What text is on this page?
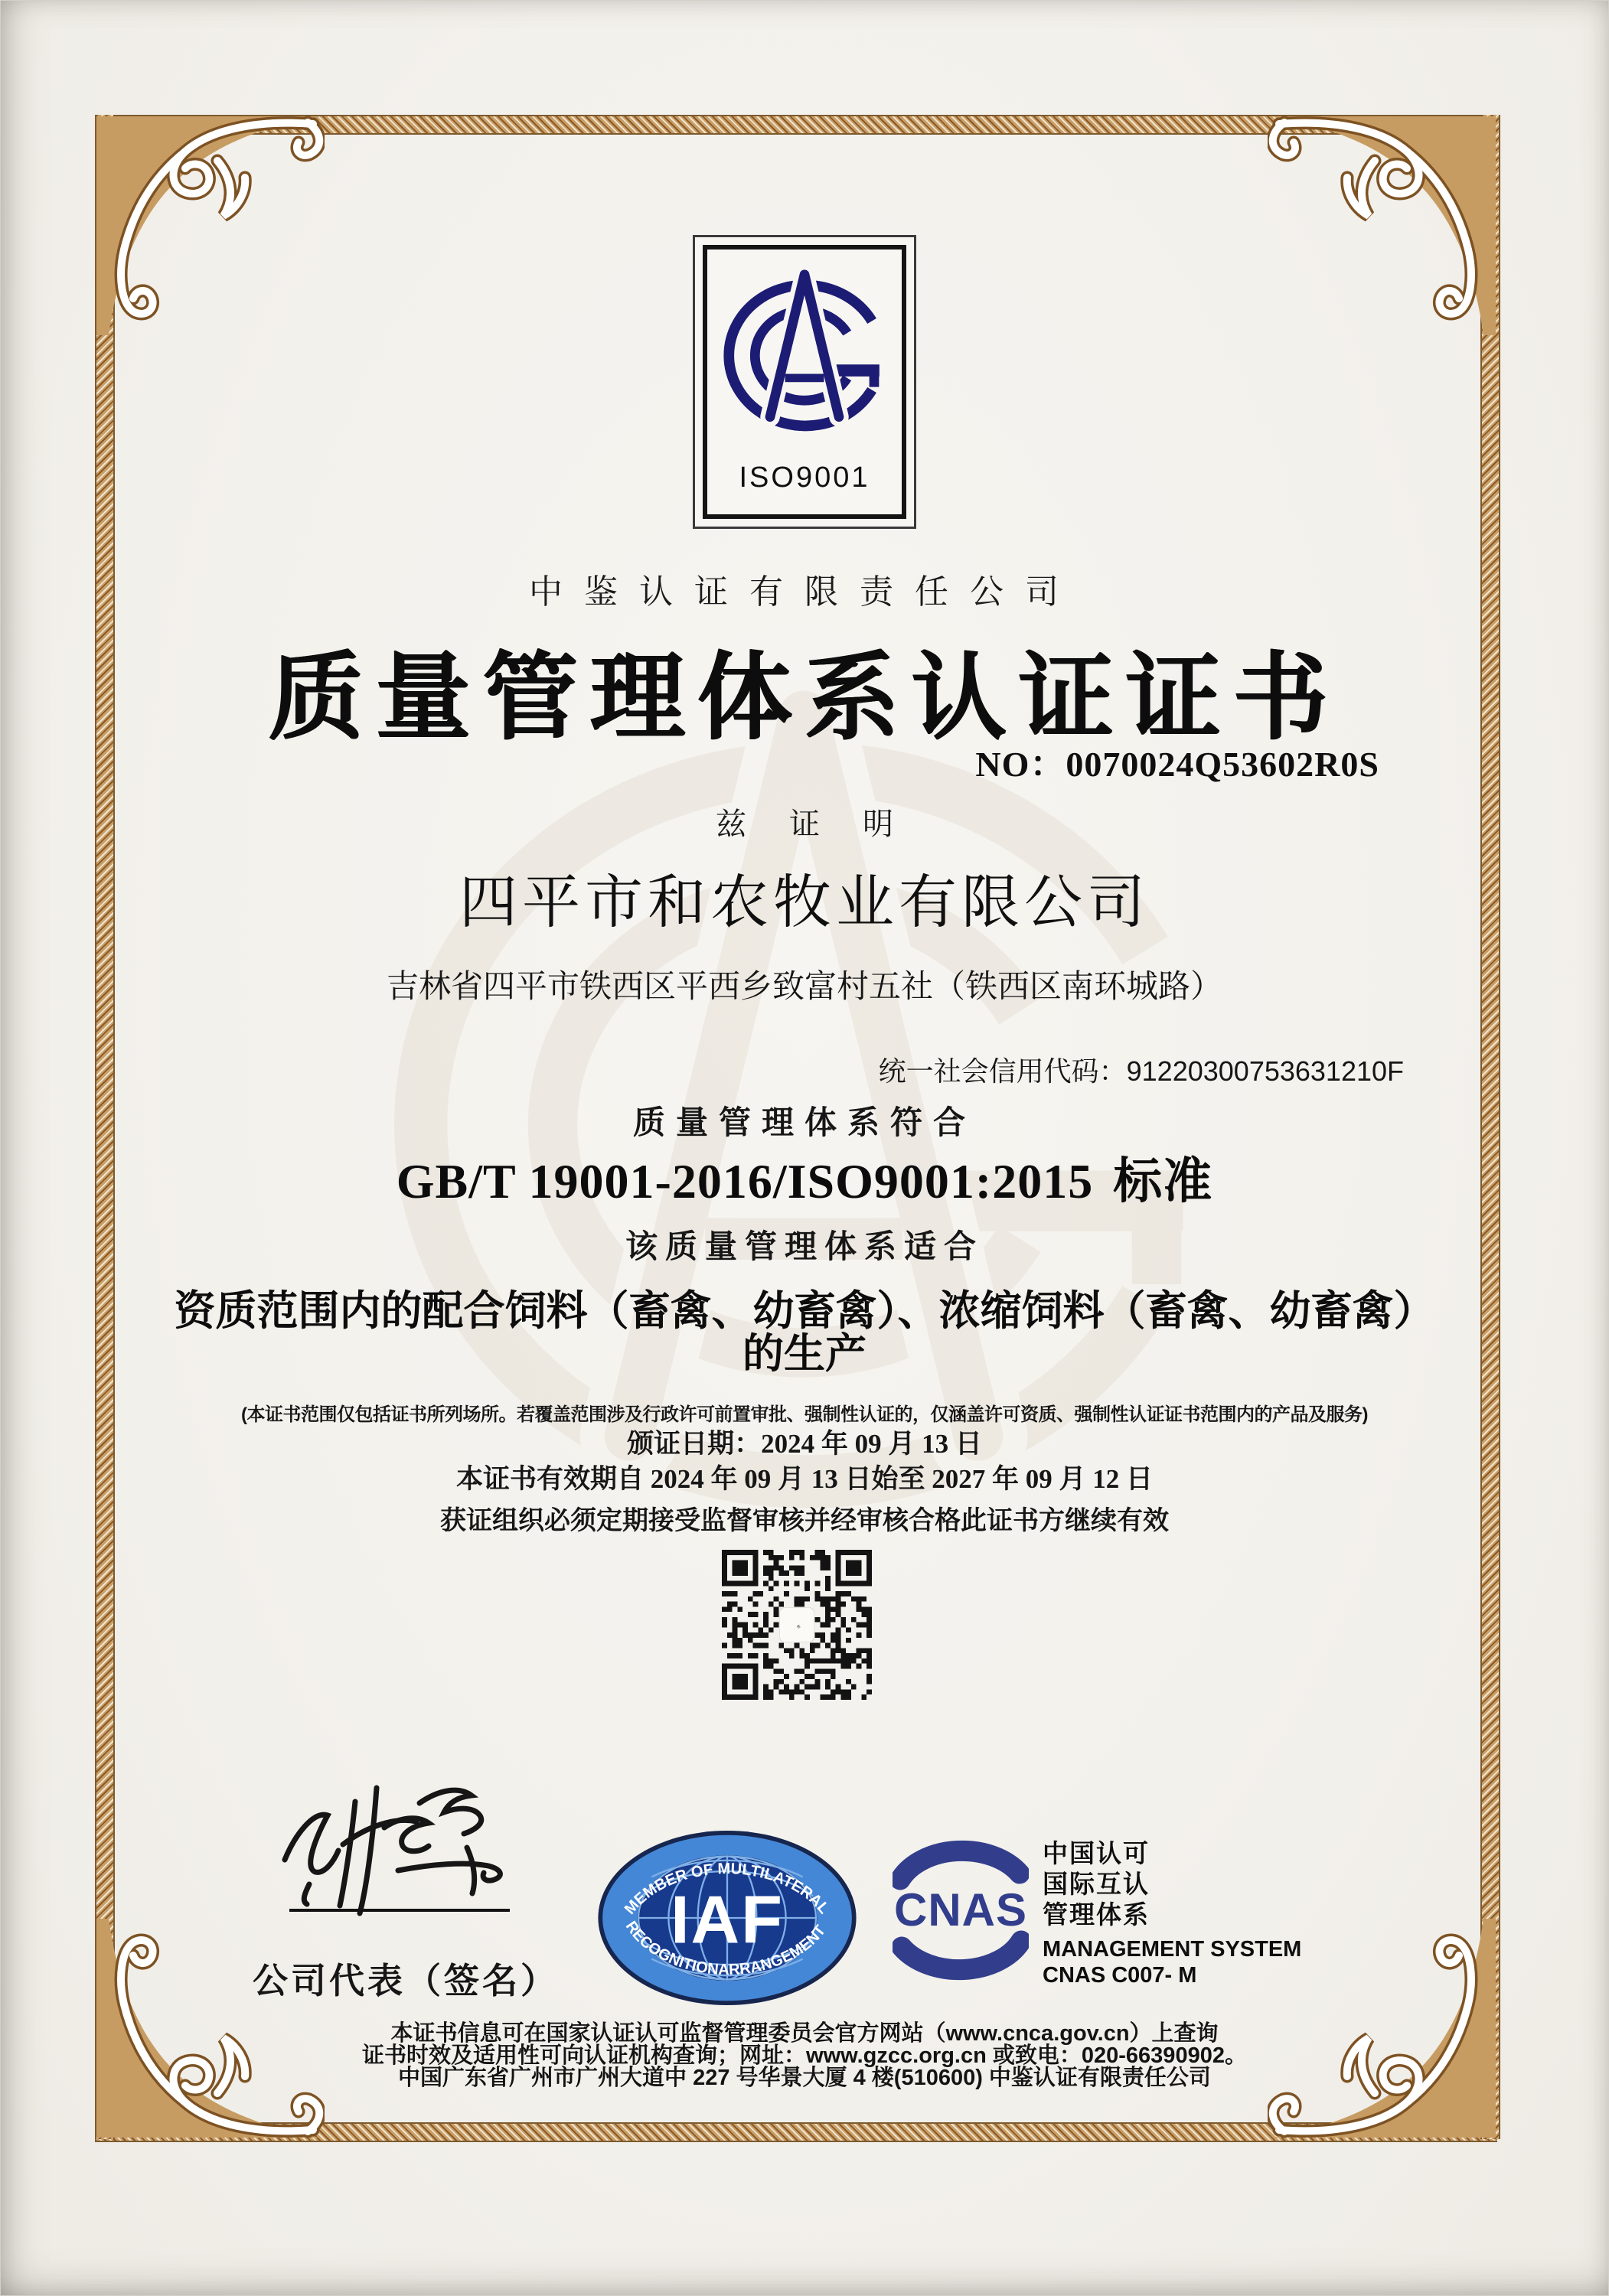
ISO9001
中鉴认证有限责任公司
质量管理体系认证证书
NO：0070024Q53602R0S
兹证明
四平市和农牧业有限公司
吉林省四平市铁西区平西乡致富村五社（铁西区南环城路）
统一社会信用代码：91220300753631210F
质量管理体系符合
GB/T 19001-2016/ISO9001:2015 标准
该质量管理体系适合
资质范围内的配合饲料（畜禽、幼畜禽）、浓缩饲料（畜禽、幼畜禽）
的生产
(本证书范围仅包括证书所列场所。若覆盖范围涉及行政许可前置审批、强制性认证的，仅涵盖许可资质、强制性认证证书范围内的产品及服务)
颁证日期：2024 年 09 月 13 日
本证书有效期自 2024 年 09 月 13 日始至 2027 年 09 月 12 日
获证组织必须定期接受监督审核并经审核合格此证书方继续有效
公司代表（签名）
IAF
MEMBER OF MULTILATERAL
RECOGNITIONARRANGEMENT CNAS
中国认可
国际互认
管理体系
MANAGEMENT SYSTEM
CNAS C007- M
本证书信息可在国家认证认可监督管理委员会官方网站（www.cnca.gov.cn）上查询
证书时效及适用性可向认证机构查询；网址：www.gzcc.org.cn 或致电：020-66390902。
中国广东省广州市广州大道中 227 号华景大厦 4 楼(510600) 中鉴认证有限责任公司
